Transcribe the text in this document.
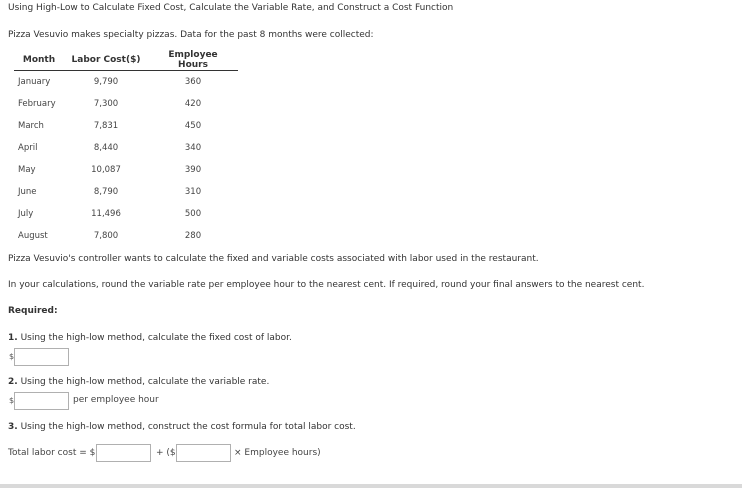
Using High-Low to Calculate Fixed Cost, Calculate the Variable Rate, and Construct a Cost Function
Pizza Vesuvio makes specialty pizzas. Data for the past 8 months were collected:
Month	Labor Cost($)	Employee Hours
January	9,790	360
February	7,300	420
March	7,831	450
April	8,440	340
May	10,087	390
June	8,790	310
July	11,496	500
August	7,800	280
Pizza Vesuvio's controller wants to calculate the fixed and variable costs associated with labor used in the restaurant.
In your calculations, round the variable rate per employee hour to the nearest cent. If required, round your final answers to the nearest cent.
Required:
1. Using the high-low method, calculate the fixed cost of labor.
$
2. Using the high-low method, calculate the variable rate.
$	per employee hour
3. Using the high-low method, construct the cost formula for total labor cost.
Total labor cost = $	+ ($	× Employee hours)
